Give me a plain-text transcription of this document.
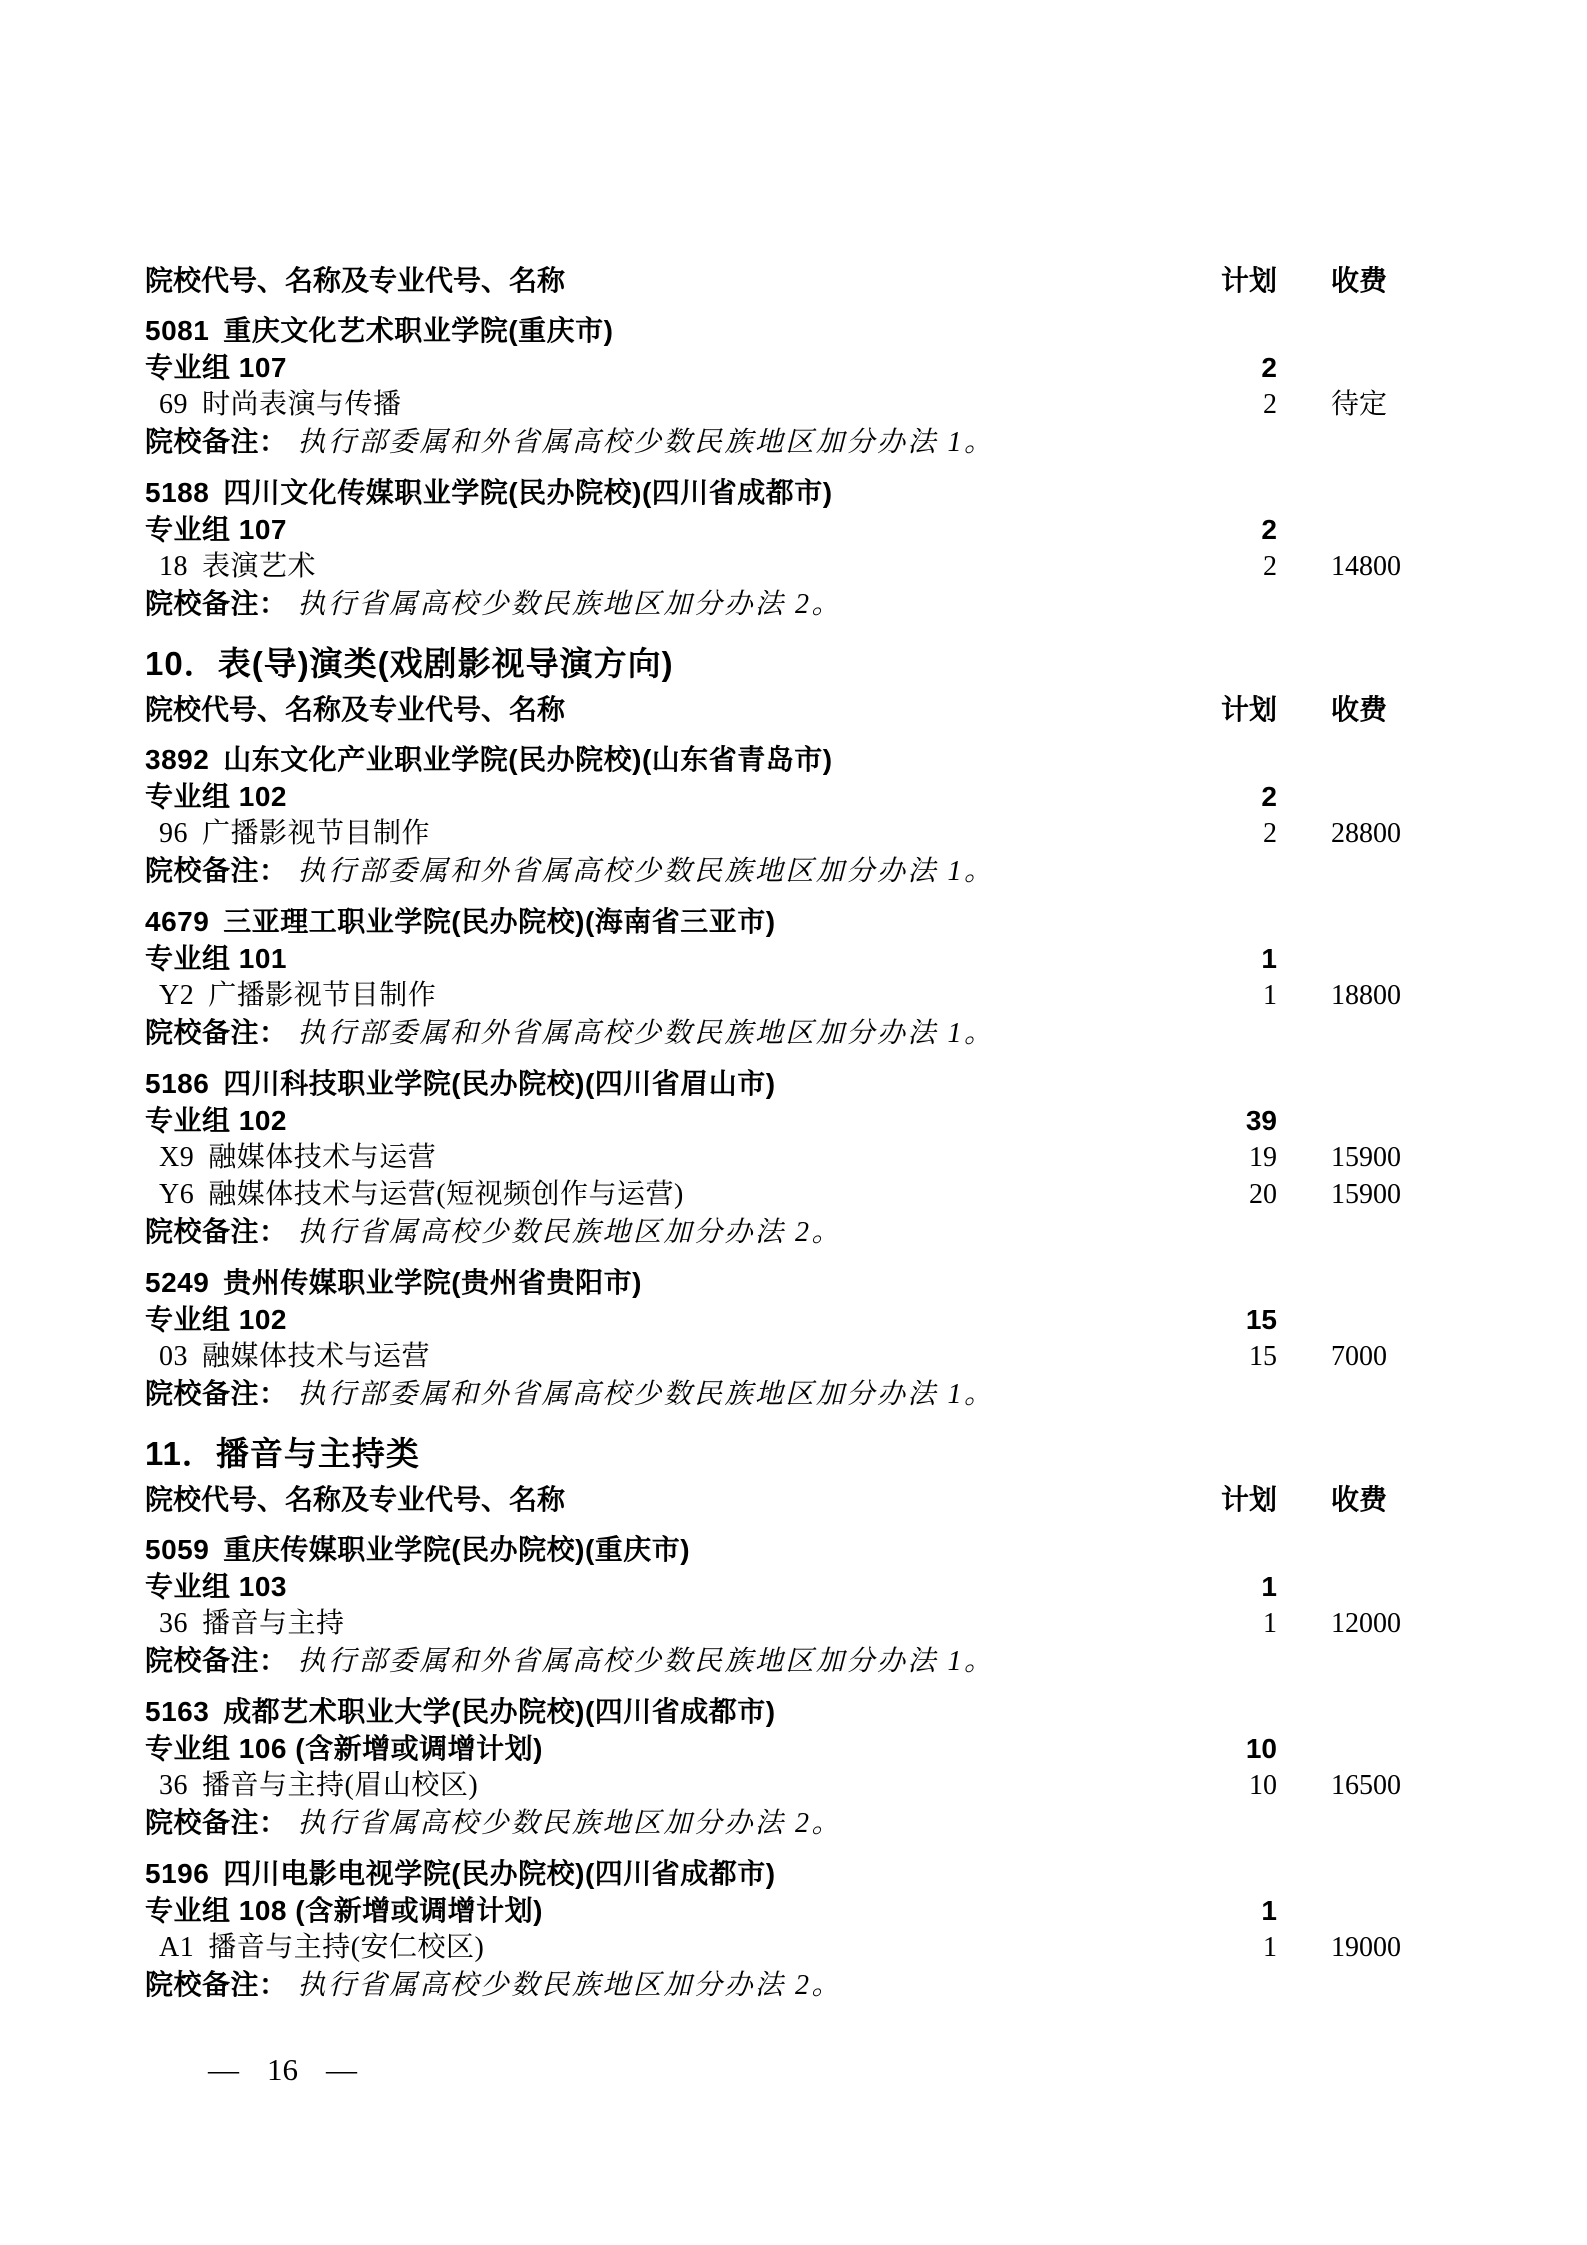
院校代号、名称及专业代号、名称	计划	收费
5081 重庆文化艺术职业学院(重庆市)
专业组 107	2
69 时尚表演与传播	2	待定
院校备注： 执行部委属和外省属高校少数民族地区加分办法 1。
5188 四川文化传媒职业学院(民办院校)(四川省成都市)
专业组 107	2
18 表演艺术	2	14800
院校备注： 执行省属高校少数民族地区加分办法 2。
10．表(导)演类(戏剧影视导演方向)
院校代号、名称及专业代号、名称	计划	收费
3892 山东文化产业职业学院(民办院校)(山东省青岛市)
专业组 102	2
96 广播影视节目制作	2	28800
院校备注： 执行部委属和外省属高校少数民族地区加分办法 1。
4679 三亚理工职业学院(民办院校)(海南省三亚市)
专业组 101	1
Y2 广播影视节目制作	1	18800
院校备注： 执行部委属和外省属高校少数民族地区加分办法 1。
5186 四川科技职业学院(民办院校)(四川省眉山市)
专业组 102	39
X9 融媒体技术与运营	19	15900
Y6 融媒体技术与运营(短视频创作与运营)	20	15900
院校备注： 执行省属高校少数民族地区加分办法 2。
5249 贵州传媒职业学院(贵州省贵阳市)
专业组 102	15
03 融媒体技术与运营	15	7000
院校备注： 执行部委属和外省属高校少数民族地区加分办法 1。
11．播音与主持类
院校代号、名称及专业代号、名称	计划	收费
5059 重庆传媒职业学院(民办院校)(重庆市)
专业组 103	1
36 播音与主持	1	12000
院校备注： 执行部委属和外省属高校少数民族地区加分办法 1。
5163 成都艺术职业大学(民办院校)(四川省成都市)
专业组 106 (含新增或调增计划)	10
36 播音与主持(眉山校区)	10	16500
院校备注： 执行省属高校少数民族地区加分办法 2。
5196 四川电影电视学院(民办院校)(四川省成都市)
专业组 108 (含新增或调增计划)	1
A1 播音与主持(安仁校区)	1	19000
院校备注： 执行省属高校少数民族地区加分办法 2。
— 16 —
